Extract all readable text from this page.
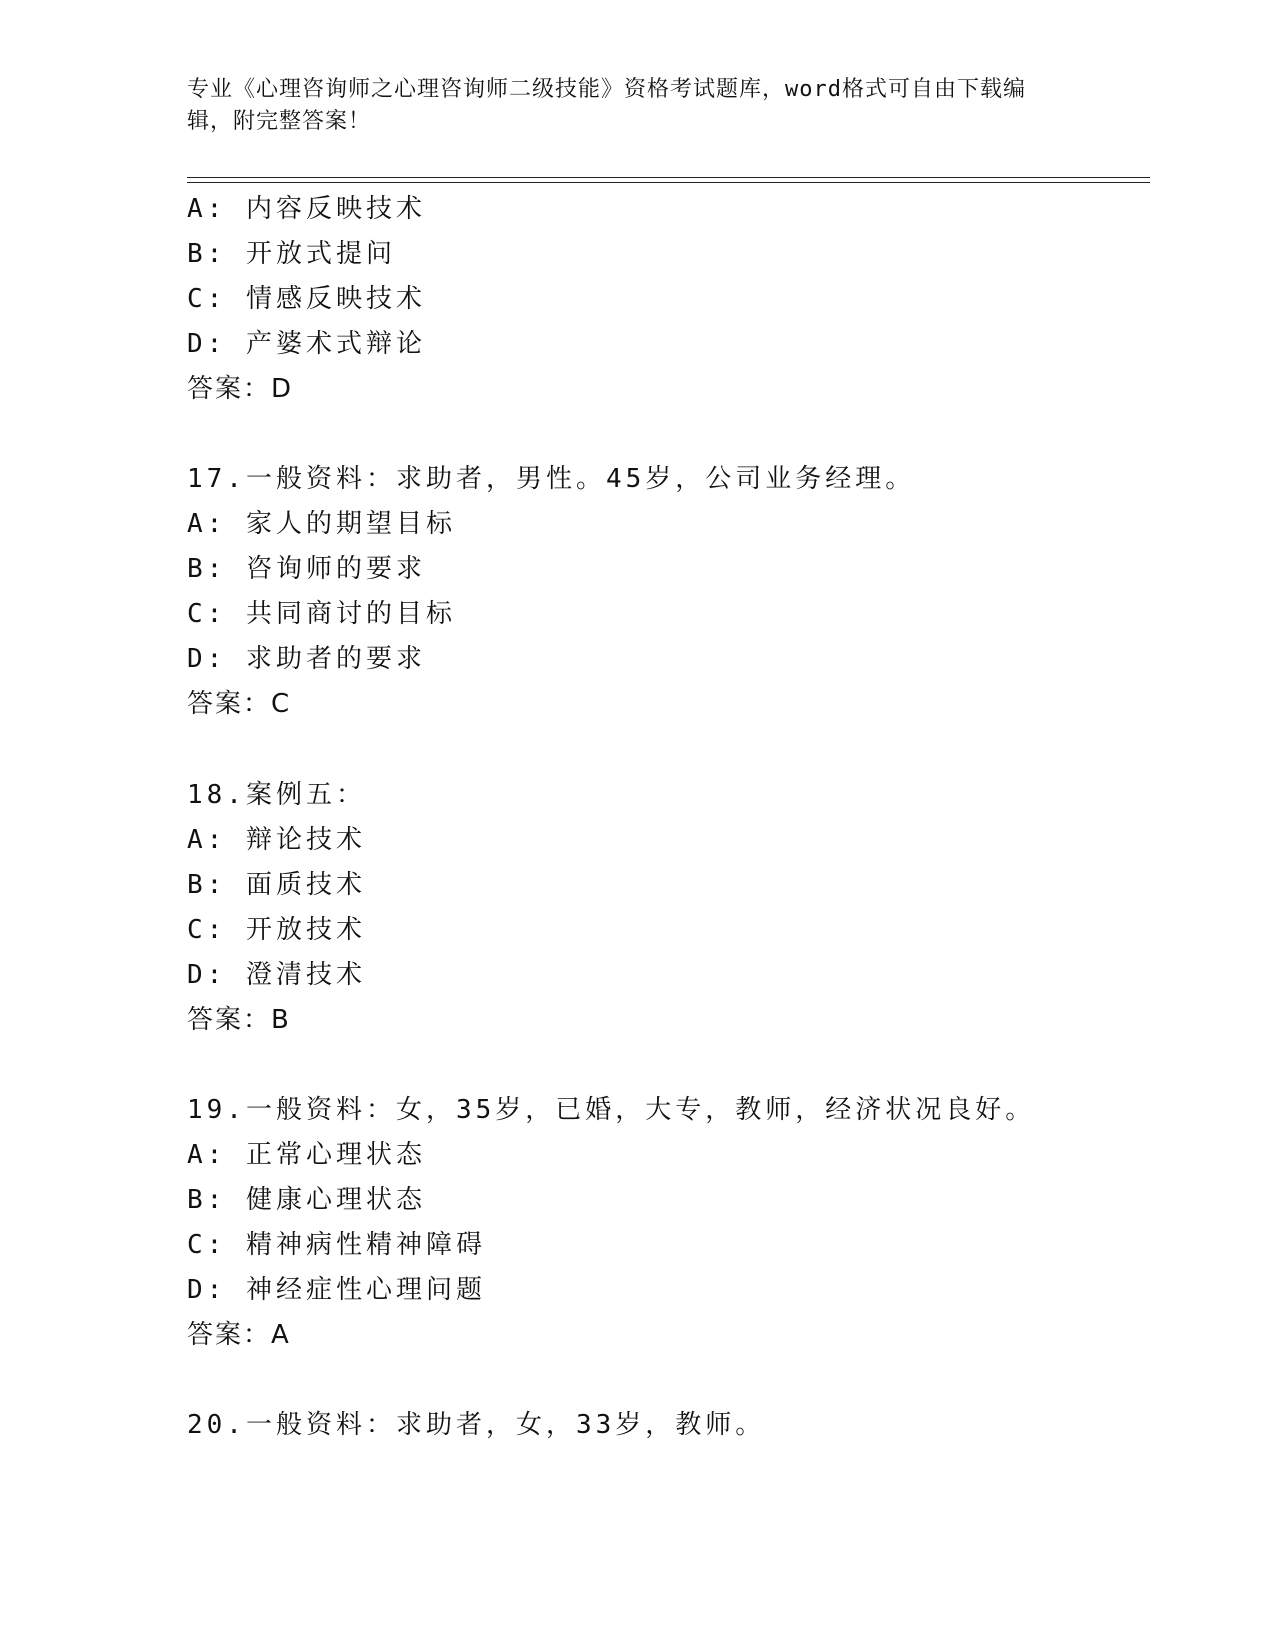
专业《心理咨询师之心理咨询师二级技能》资格考试题库，word格式可自由下载编辑，附完整答案！
A: 内容反映技术
B: 开放式提问
C: 情感反映技术
D: 产婆术式辩论
答案：D
17.一般资料：求助者，男性。45岁，公司业务经理。
A: 家人的期望目标
B: 咨询师的要求
C: 共同商讨的目标
D: 求助者的要求
答案：C
18.案例五：
A: 辩论技术
B: 面质技术
C: 开放技术
D: 澄清技术
答案：B
19.一般资料：女，35岁，已婚，大专，教师，经济状况良好。
A: 正常心理状态
B: 健康心理状态
C: 精神病性精神障碍
D: 神经症性心理问题
答案：A
20.一般资料：求助者，女，33岁，教师。
